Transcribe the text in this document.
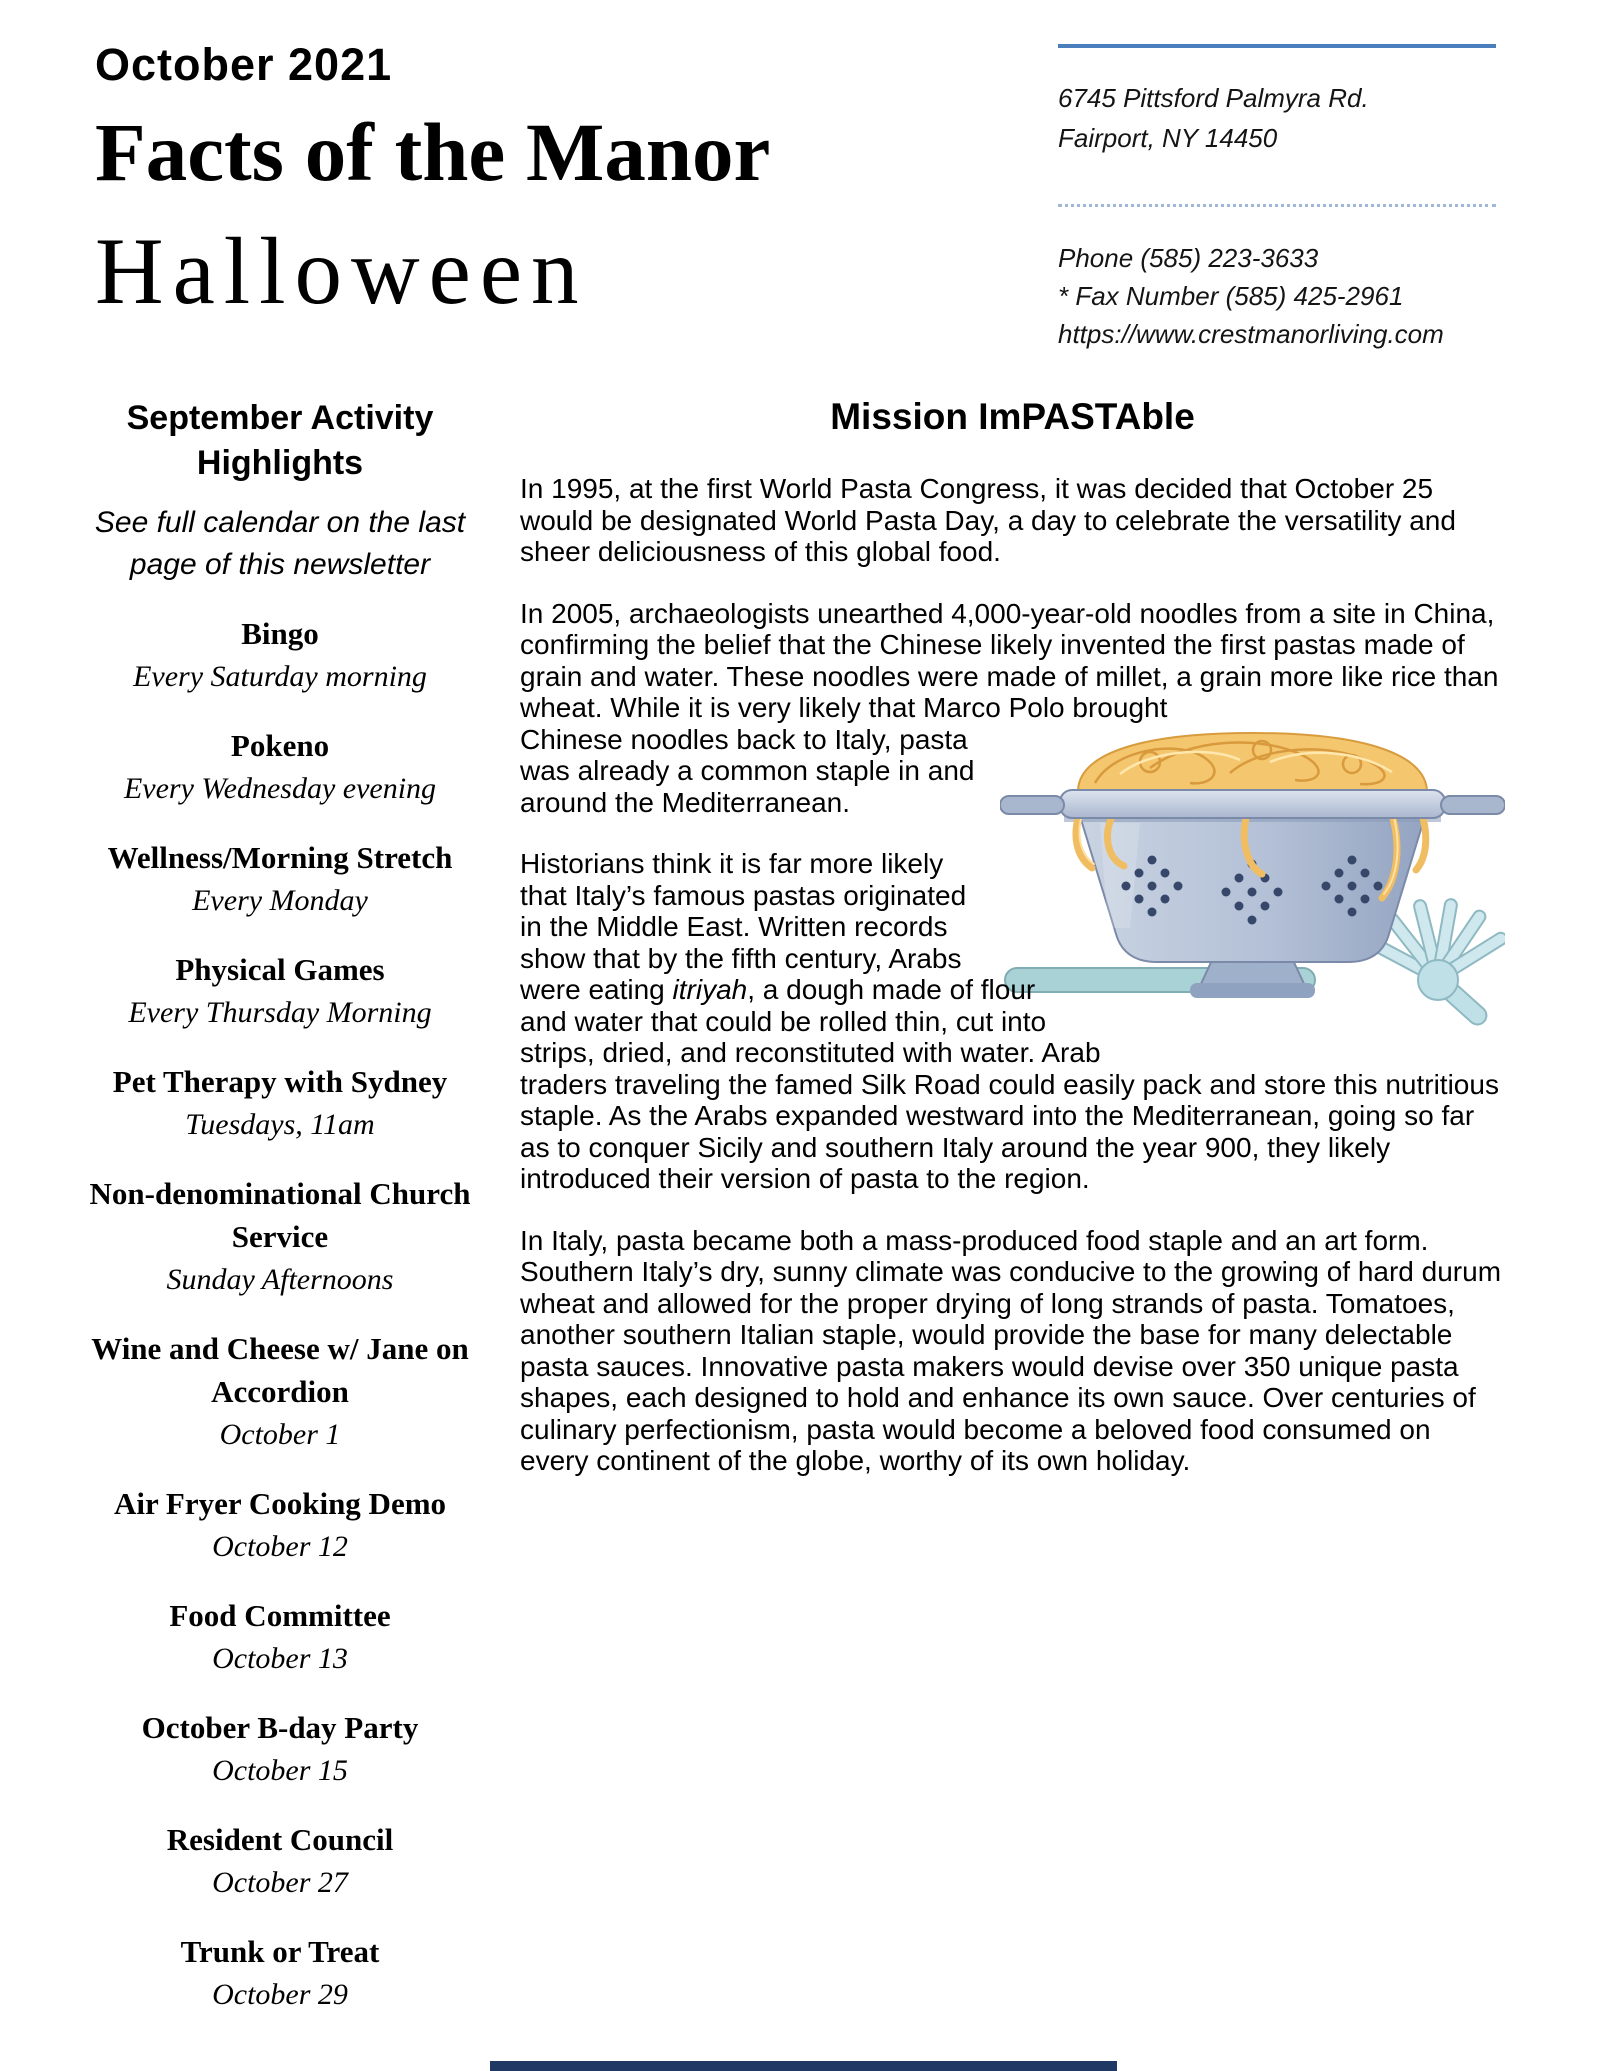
October 2021
Facts of the Manor
Halloween
6745 Pittsford Palmyra Rd.
Fairport, NY 14450
Phone (585) 223-3633
* Fax Number (585) 425-2961
https://www.crestmanorliving.com
September Activity Highlights
See full calendar on the last page of this newsletter
Bingo
Every Saturday morning
Pokeno
Every Wednesday evening
Wellness/Morning Stretch
Every Monday
Physical Games
Every Thursday Morning
Pet Therapy with Sydney
Tuesdays, 11am
Non-denominational Church Service
Sunday Afternoons
Wine and Cheese w/ Jane on Accordion
October 1
Air Fryer Cooking Demo
October 12
Food Committee
October 13
October B-day Party
October 15
Resident Council
October 27
Trunk or Treat
October 29
Mission ImPASTAble

In 1995, at the first World Pasta Congress, it was decided that October 25 would be designated World Pasta Day, a day to celebrate the versatility and sheer deliciousness of this global food.

In 2005, archaeologists unearthed 4,000-year-old noodles from a site in China, confirming the belief that the Chinese likely invented the first pastas made of grain and water. These noodles were made of millet, a grain more like rice than wheat. While it is very likely that Marco Polo brought

Chinese noodles back to Italy, pasta was already a common staple in and around the Mediterranean.

Historians think it is far more likely that Italy’s famous pastas originated in the Middle East. Written records show that by the fifth century, Arabs were eating itriyah, a dough made of flour and water that could be rolled thin, cut into strips, dried, and reconstituted with water. Arab traders traveling the famed Silk Road could easily pack and store this nutritious staple. As the Arabs expanded westward into the Mediterranean, going so far as to conquer Sicily and southern Italy around the year 900, they likely introduced their version of pasta to the region.

In Italy, pasta became both a mass-produced food staple and an art form. Southern Italy’s dry, sunny climate was conducive to the growing of hard durum wheat and allowed for the proper drying of long strands of pasta. Tomatoes, another southern Italian staple, would provide the base for many delectable pasta sauces. Innovative pasta makers would devise over 350 unique pasta shapes, each designed to hold and enhance its own sauce. Over centuries of culinary perfectionism, pasta would become a beloved food consumed on every continent of the globe, worthy of its own holiday.
